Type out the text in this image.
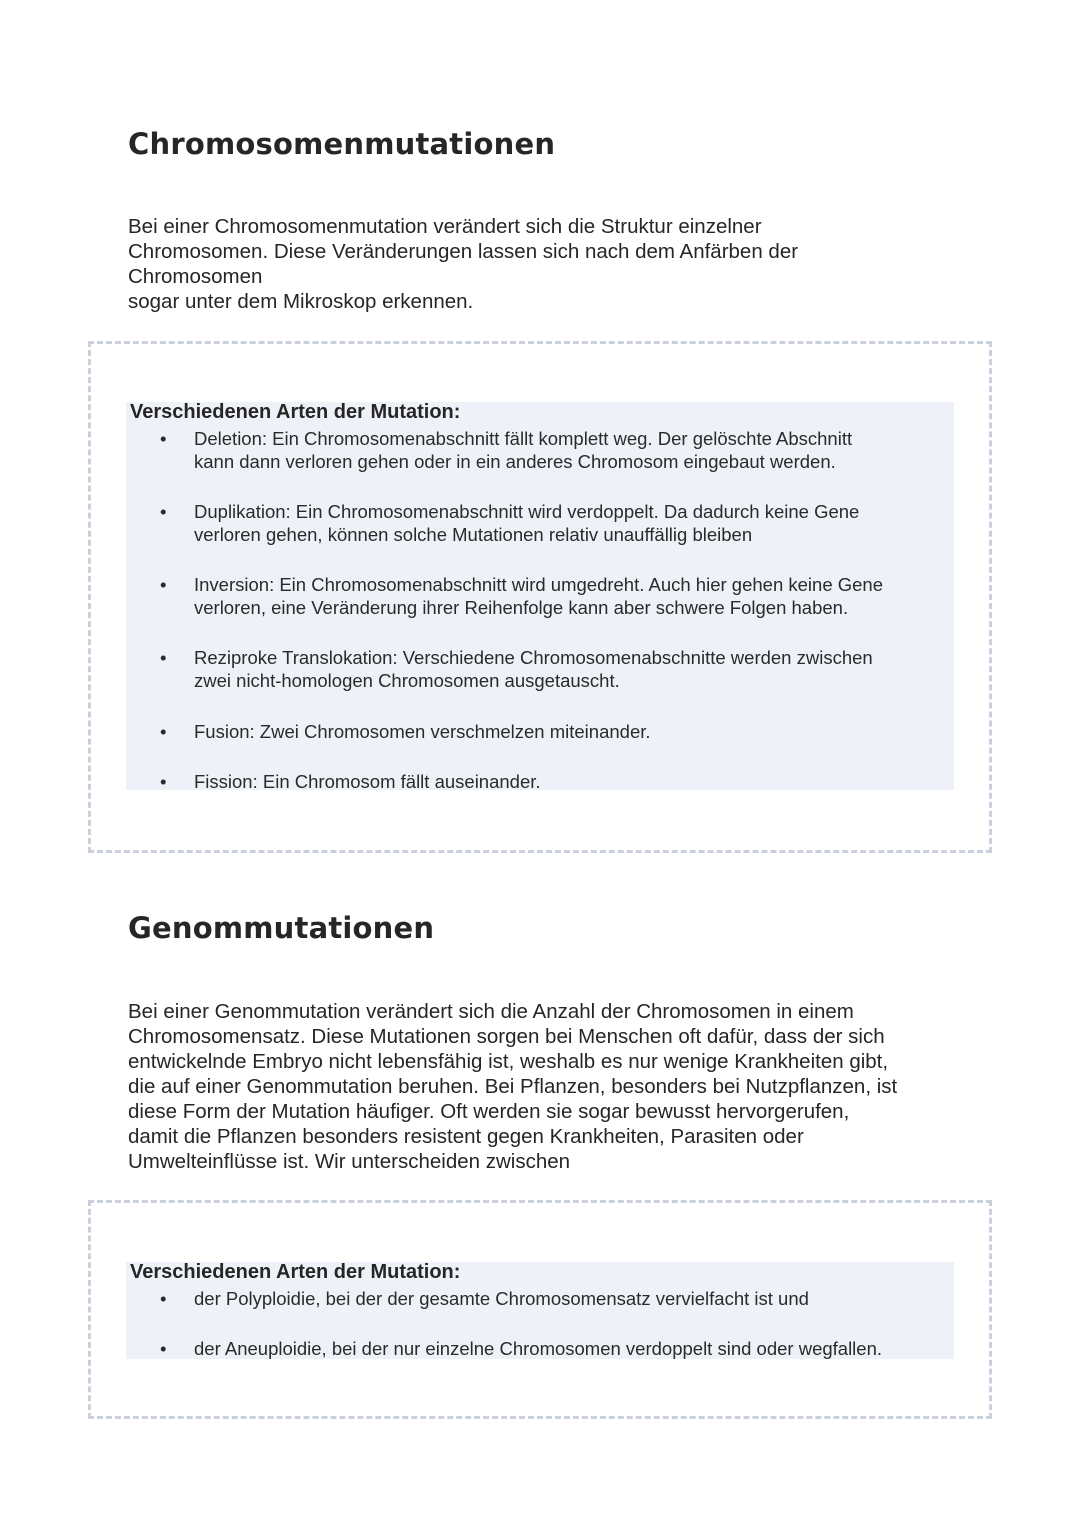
Chromosomenmutationen

Bei einer Chromosomenmutation verändert sich die Struktur einzelner
Chromosomen. Diese Veränderungen lassen sich nach dem Anfärben der
Chromosomen
sogar unter dem Mikroskop erkennen.

Verschiedenen Arten der Mutation:
•	Deletion: Ein Chromosomenabschnitt fällt komplett weg. Der gelöschte Abschnitt
kann dann verloren gehen oder in ein anderes Chromosom eingebaut werden.
•	Duplikation: Ein Chromosomenabschnitt wird verdoppelt. Da dadurch keine Gene
verloren gehen, können solche Mutationen relativ unauffällig bleiben
•	Inversion: Ein Chromosomenabschnitt wird umgedreht. Auch hier gehen keine Gene
verloren, eine Veränderung ihrer Reihenfolge kann aber schwere Folgen haben.
•	Reziproke Translokation: Verschiedene Chromosomenabschnitte werden zwischen
zwei nicht-homologen Chromosomen ausgetauscht.
•	Fusion: Zwei Chromosomen verschmelzen miteinander.
•	Fission: Ein Chromosom fällt auseinander.
Genommutationen

Bei einer Genommutation verändert sich die Anzahl der Chromosomen in einem
Chromosomensatz. Diese Mutationen sorgen bei Menschen oft dafür, dass der sich
entwickelnde Embryo nicht lebensfähig ist, weshalb es nur wenige Krankheiten gibt,
die auf einer Genommutation beruhen. Bei Pflanzen, besonders bei Nutzpflanzen, ist
diese Form der Mutation häufiger. Oft werden sie sogar bewusst hervorgerufen,
damit die Pflanzen besonders resistent gegen Krankheiten, Parasiten oder
Umwelteinflüsse ist. Wir unterscheiden zwischen

Verschiedenen Arten der Mutation:
•	der Polyploidie, bei der der gesamte Chromosomensatz vervielfacht ist und
•	der Aneuploidie, bei der nur einzelne Chromosomen verdoppelt sind oder wegfallen.
